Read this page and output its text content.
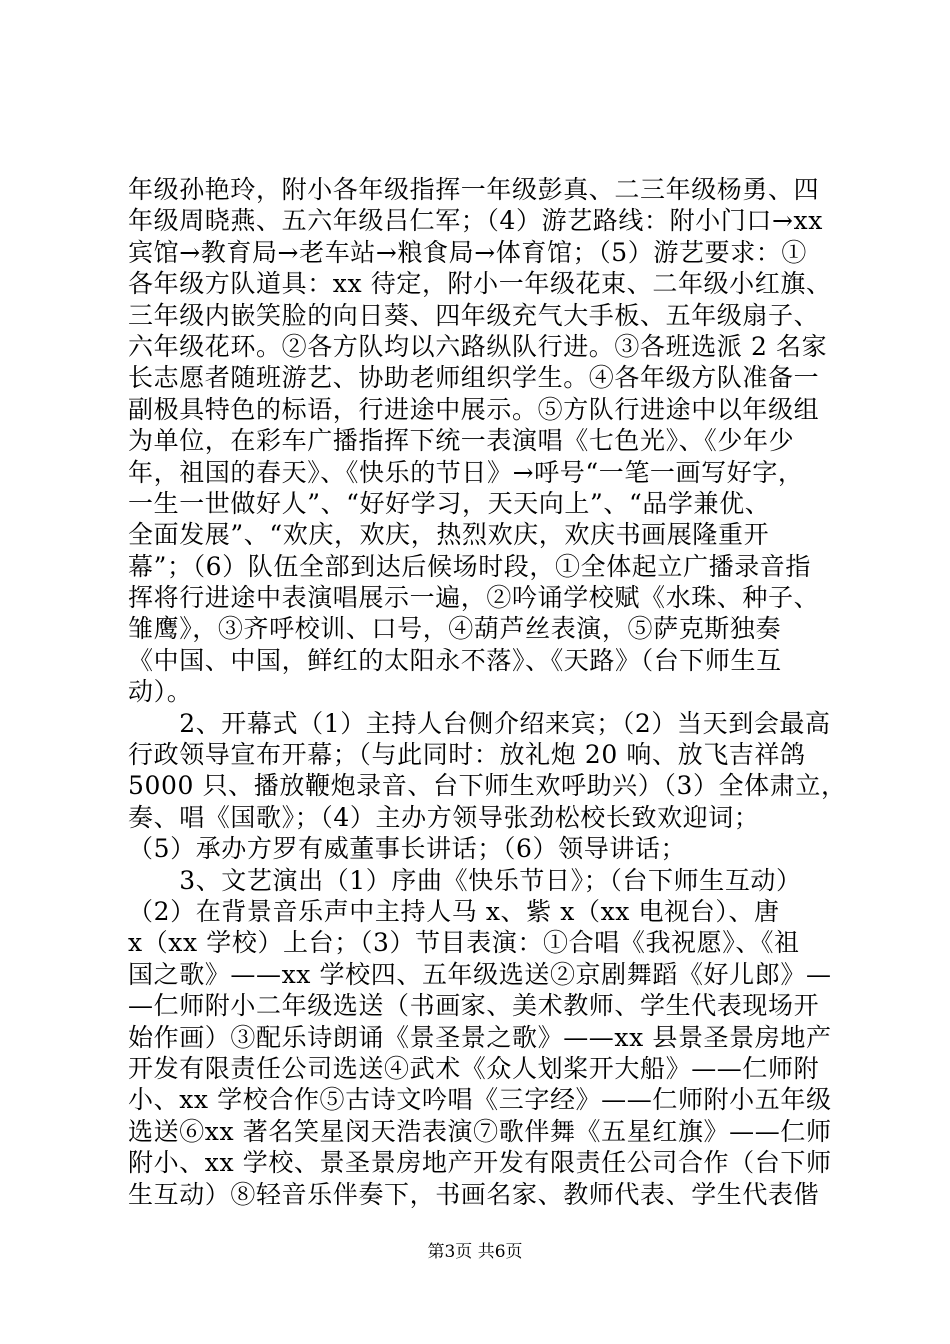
年级孙艳玲，附小各年级指挥一年级彭真、二三年级杨勇、四
年级周晓燕、五六年级吕仁军；（4）游艺路线：附小门口→xx
宾馆→教育局→老车站→粮食局→体育馆；（5）游艺要求：①
各年级方队道具：xx 待定，附小一年级花束、二年级小红旗、
三年级内嵌笑脸的向日葵、四年级充气大手板、五年级扇子、
六年级花环。②各方队均以六路纵队行进。③各班选派 2 名家
长志愿者随班游艺、协助老师组织学生。④各年级方队准备一
副极具特色的标语，行进途中展示。⑤方队行进途中以年级组
为单位，在彩车广播指挥下统一表演唱《七色光》、《少年少
年，祖国的春天》、《快乐的节日》→呼号“一笔一画写好字，
一生一世做好人”、“好好学习，天天向上”、“品学兼优、
全面发展”、“欢庆，欢庆，热烈欢庆，欢庆书画展隆重开
幕”；（6）队伍全部到达后候场时段，①全体起立广播录音指
挥将行进途中表演唱展示一遍，②吟诵学校赋《水珠、种子、
雏鹰》，③齐呼校训、口号，④葫芦丝表演，⑤萨克斯独奏
《中国、中国，鲜红的太阳永不落》、《天路》（台下师生互
动）。
　　2、开幕式（1）主持人台侧介绍来宾；（2）当天到会最高
行政领导宣布开幕；（与此同时：放礼炮 20 响、放飞吉祥鸽
5000 只、播放鞭炮录音、台下师生欢呼助兴）（3）全体肃立，
奏、唱《国歌》；（4）主办方领导张劲松校长致欢迎词；
（5）承办方罗有威董事长讲话；（6）领导讲话；
　　3、文艺演出（1）序曲《快乐节日》；（台下师生互动）
（2）在背景音乐声中主持人马 x、紫 x（xx 电视台）、唐
x（xx 学校）上台；（3）节目表演：①合唱《我祝愿》、《祖
国之歌》——xx 学校四、五年级选送②京剧舞蹈《好儿郎》—
—仁师附小二年级选送（书画家、美术教师、学生代表现场开
始作画）③配乐诗朗诵《景圣景之歌》——xx 县景圣景房地产
开发有限责任公司选送④武术《众人划桨开大船》——仁师附
小、xx 学校合作⑤古诗文吟唱《三字经》——仁师附小五年级
选送⑥xx 著名笑星闵天浩表演⑦歌伴舞《五星红旗》——仁师
附小、xx 学校、景圣景房地产开发有限责任公司合作（台下师
生互动）⑧轻音乐伴奏下，书画名家、教师代表、学生代表偕
第3页 共6页
